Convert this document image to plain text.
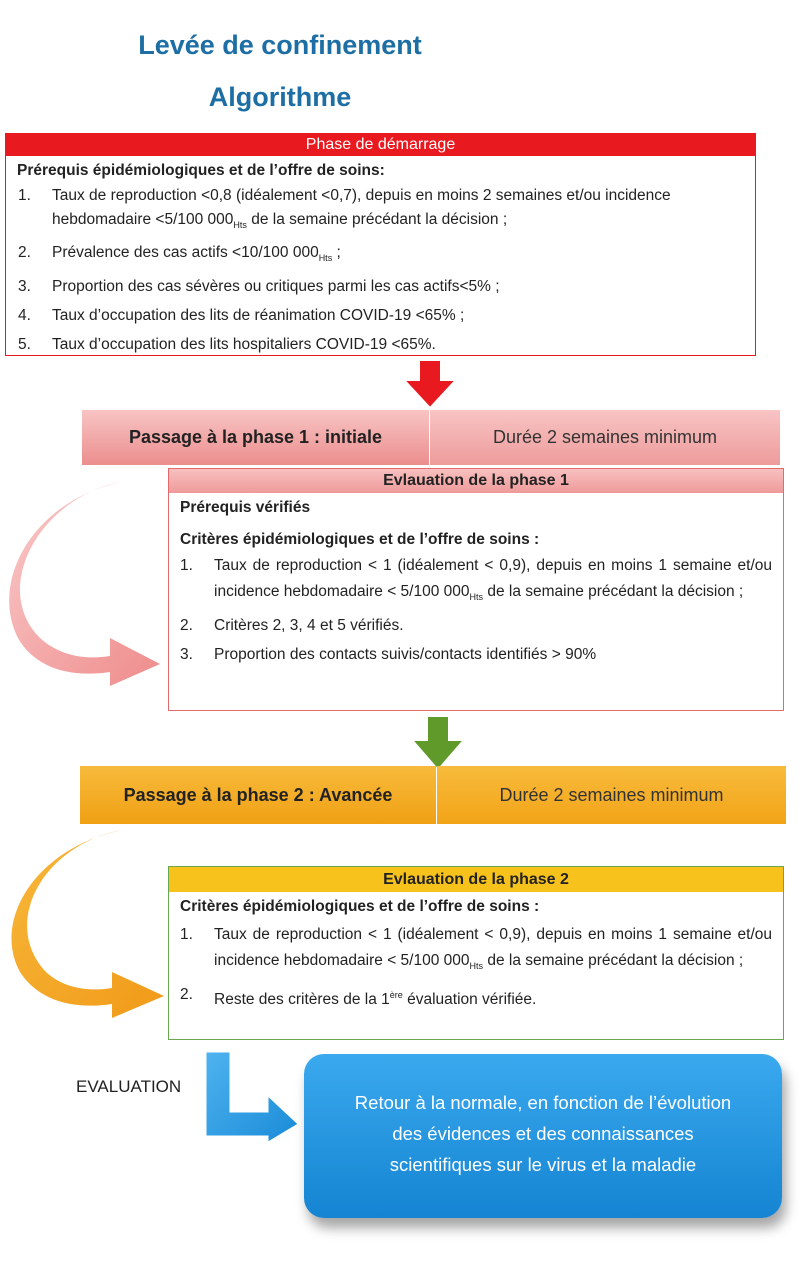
Levée de confinement
Algorithme
Phase de démarrage
Prérequis épidémiologiques et de l’offre de soins:
1.	Taux de reproduction <0,8 (idéalement <0,7), depuis en moins 2 semaines et/ou incidence hebdomadaire <5/100 $000_{Hts}$ de la semaine précédant la décision ;
2.	Prévalence des cas actifs <10/100 $000_{Hts}$ ;
3.	Proportion des cas sévères ou critiques parmi les cas actifs<5% ;
4.	Taux d’occupation des lits de réanimation COVID-19 <65% ;
5.	Taux d’occupation des lits hospitaliers COVID-19 <65%.
Passage à la phase 1 : initiale	Durée 2 semaines minimum
Evlauation de la phase 1
Prérequis vérifiés
Critères épidémiologiques et de l’offre de soins :
1.	Taux de reproduction < 1 (idéalement < 0,9), depuis en moins 1 semaine et/ou incidence hebdomadaire < 5/100 $000_{Hts}$ de la semaine précédant la décision ;
2.	Critères 2, 3, 4 et 5 vérifiés.
3.	Proportion des contacts suivis/contacts identifiés > 90%
Passage à la phase 2 : Avancée	Durée 2 semaines minimum
Evlauation de la phase 2
Critères épidémiologiques et de l’offre de soins :
1.	Taux de reproduction < 1 (idéalement < 0,9), depuis en moins 1 semaine et/ou incidence hebdomadaire < 5/100 $000_{Hts}$ de la semaine précédant la décision ;
2.	Reste des critères de la 1ère évaluation vérifiée.
EVALUATION
Retour à la normale, en fonction de l’évolution
des évidences et des connaissances
scientifiques sur le virus et la maladie
